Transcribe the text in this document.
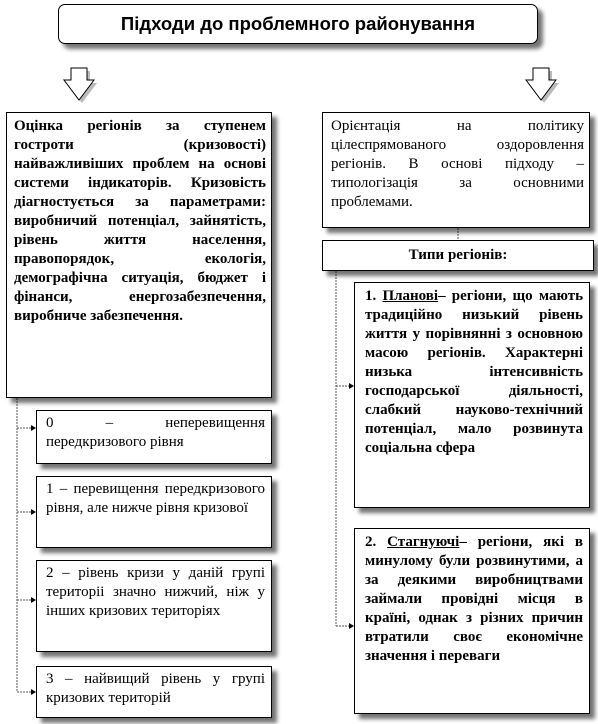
Підходи до проблемного районування
Оцінка регіонів за ступенем гостроти (кризовості) найважливіших проблем на основі системи індикаторів. Кризовість діагностується за параметрами: виробничий потенціал, зайнятість, рівень життя населення, правопорядок, екологія, демографічна ситуація, бюджет і фінанси, енергозабезпечення, виробниче забезпечення.
0 – неперевищення передкризового рівня
1 – перевищення передкризового рівня, але нижче рівня кризової
2 – рівень кризи у даній групі територіі значно нижчий, ніж у інших кризових територіях
3 – найвищий рівень у групі кризових територій
Орієнтація на політику цілеспрямованого оздоровлення регіонів. В основі підходу – типологізація за основними проблемами.
Типи регіонів:
1. Планові– регіони, що мають традиційно низький рівень життя у порівнянні з основною масою регіонів. Характерні низька інтенсивність господарської діяльності, слабкий науково-технічний потенціал, мало розвинута соціальна сфера
2. Стагнуючі– регіони, які в минулому були розвинутими, а за деякими виробництвами займали провідні місця в країні, однак з різних причин втратили своє економічне значення і переваги
